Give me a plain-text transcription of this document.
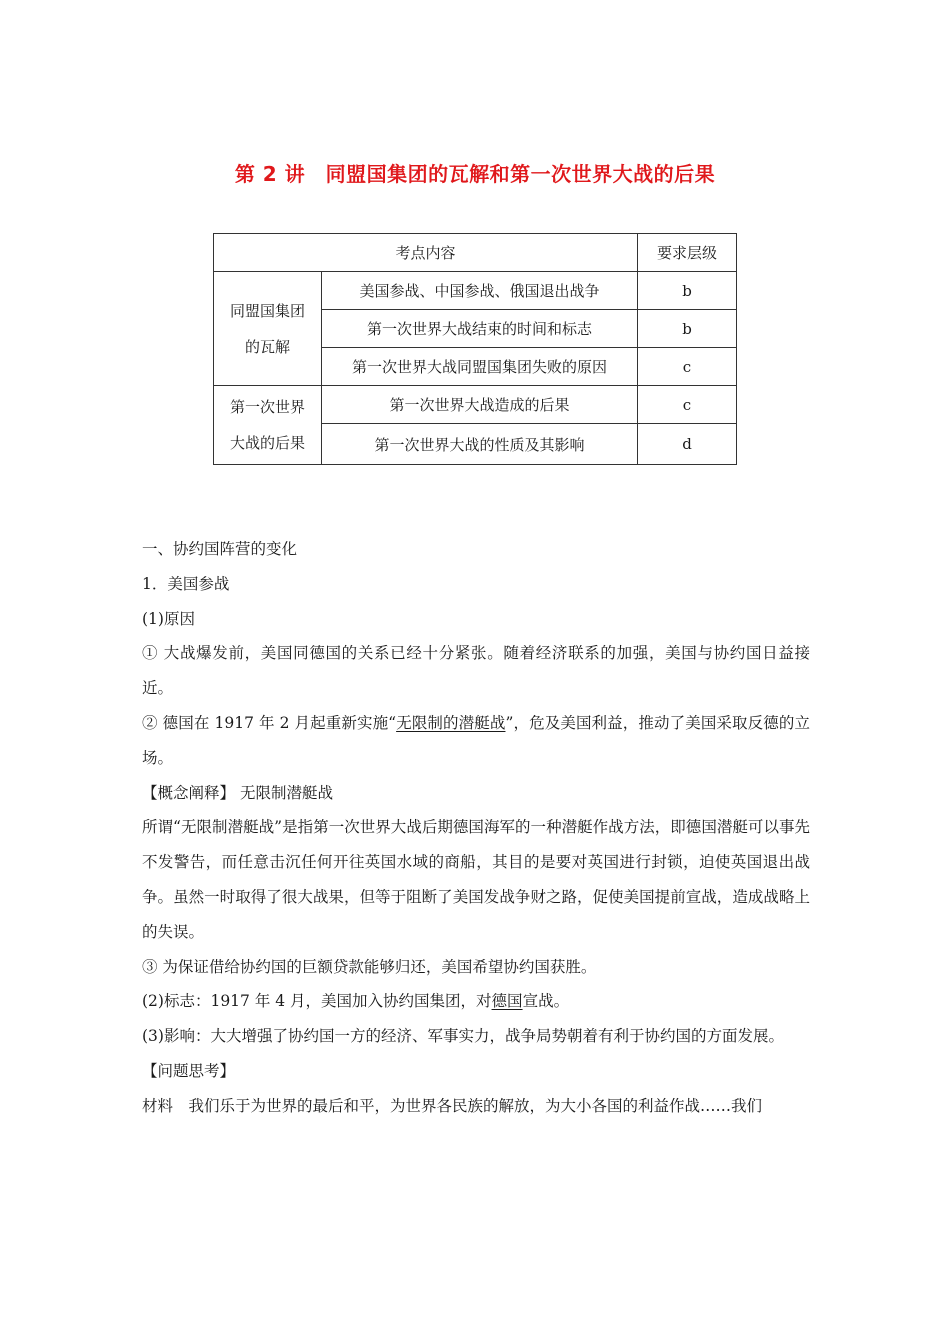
第 2 讲　同盟国集团的瓦解和第一次世界大战的后果
考点内容		要求层级
同盟国集团的瓦解	美国参战、中国参战、俄国退出战争	b
	第一次世界大战结束的时间和标志	b
	第一次世界大战同盟国集团失败的原因	c
第一次世界大战的后果	第一次世界大战造成的后果	c
	第一次世界大战的性质及其影响	d

一、协约国阵营的变化

1．美国参战

(1)原因

① 大战爆发前，美国同德国的关系已经十分紧张。随着经济联系的加强，美国与协约国日益接近。

② 德国在 1917 年 2 月起重新实施“无限制的潜艇战”，危及美国利益，推动了美国采取反德的立场。

【概念阐释】 无限制潜艇战

所谓“无限制潜艇战”是指第一次世界大战后期德国海军的一种潜艇作战方法，即德国潜艇可以事先不发警告，而任意击沉任何开往英国水域的商船，其目的是要对英国进行封锁，迫使英国退出战争。虽然一时取得了很大战果，但等于阻断了美国发战争财之路，促使美国提前宣战，造成战略上的失误。

③ 为保证借给协约国的巨额贷款能够归还，美国希望协约国获胜。

(2)标志：1917 年 4 月，美国加入协约国集团，对德国宣战。

(3)影响：大大增强了协约国一方的经济、军事实力，战争局势朝着有利于协约国的方面发展。

【问题思考】

材料　我们乐于为世界的最后和平，为世界各民族的解放，为大小各国的利益作战……我们
